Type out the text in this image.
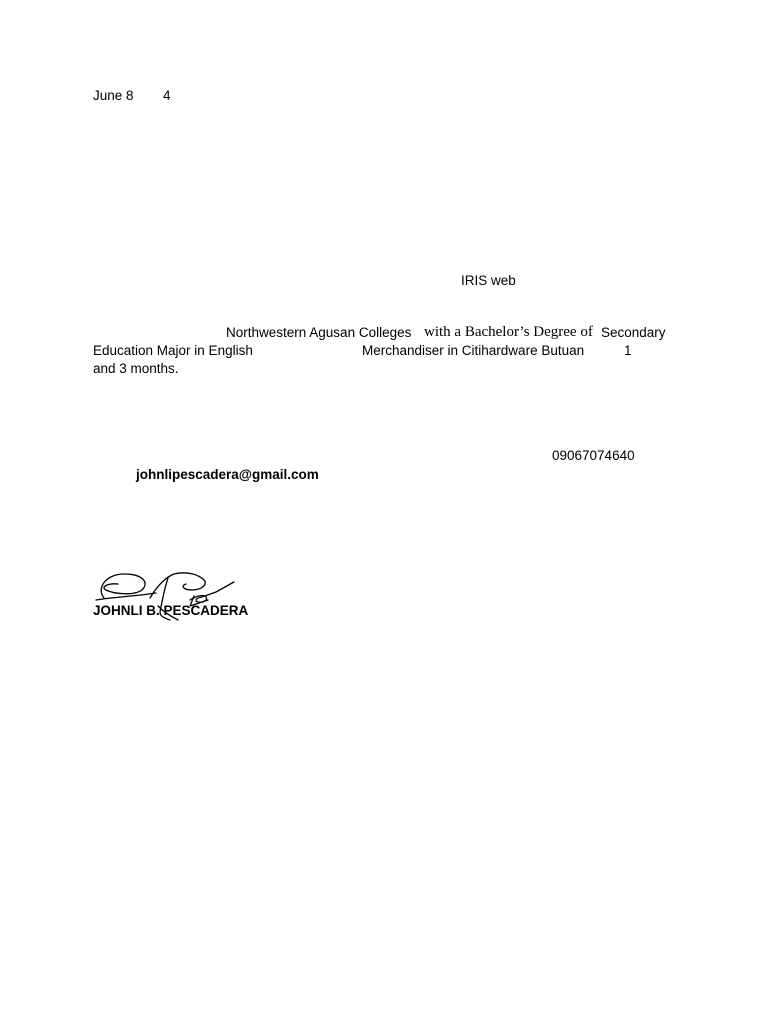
June 8 4
IRIS web
Northwestern Agusan Colleges with a Bachelor’s Degree of Secondary
Education Major in English	Merchandiser in Citihardware Butuan	1
and 3 months.
09067074640
johnlipescadera@gmail.com
JOHNLI B. PESCADERA
